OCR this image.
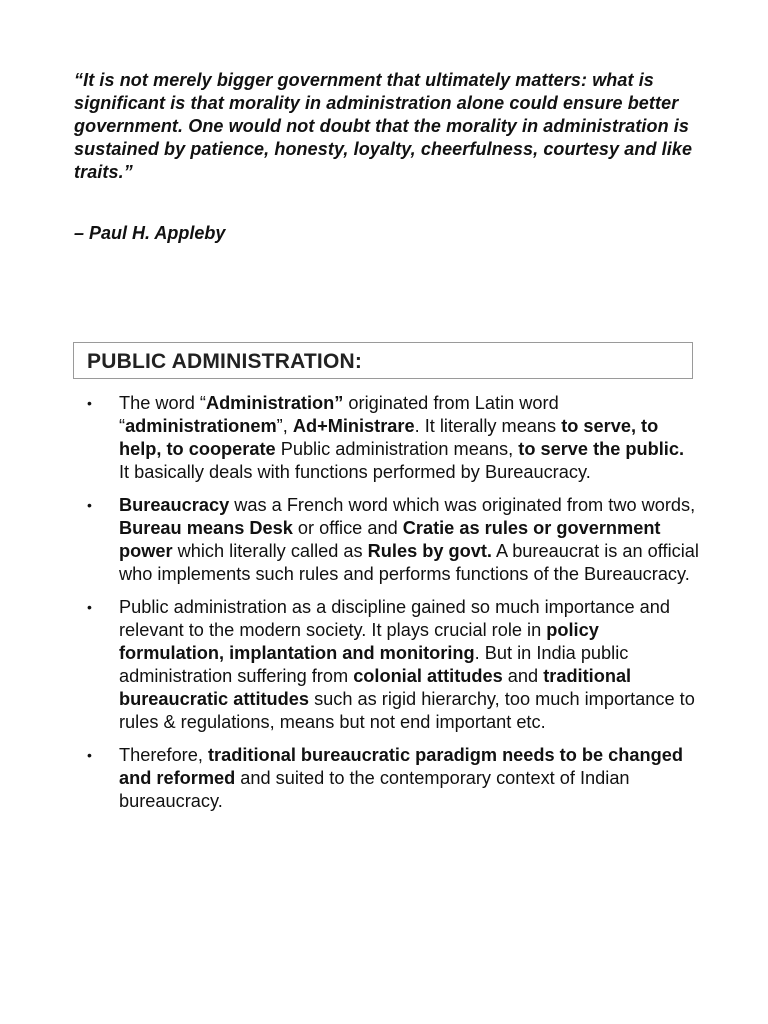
“It is not merely bigger government that ultimately matters: what is significant is that morality in administration alone could ensure better government. One would not doubt that the morality in administration is sustained by patience, honesty, loyalty, cheerfulness, courtesy and like traits.”

– Paul H. Appleby

PUBLIC ADMINISTRATION:
• The word “Administration” originated from Latin word “administrationem”, Ad+Ministrare. It literally means to serve, to help, to cooperate Public administration means, to serve the public. It basically deals with functions performed by Bureaucracy.
• Bureaucracy was a French word which was originated from two words, Bureau means Desk or office and Cratie as rules or government power which literally called as Rules by govt. A bureaucrat is an official who implements such rules and performs functions of the Bureaucracy.
• Public administration as a discipline gained so much importance and relevant to the modern society. It plays crucial role in policy formulation, implantation and monitoring. But in India public administration suffering from colonial attitudes and traditional bureaucratic attitudes such as rigid hierarchy, too much importance to rules & regulations, means but not end important etc.
• Therefore, traditional bureaucratic paradigm needs to be changed and reformed and suited to the contemporary context of Indian bureaucracy.
